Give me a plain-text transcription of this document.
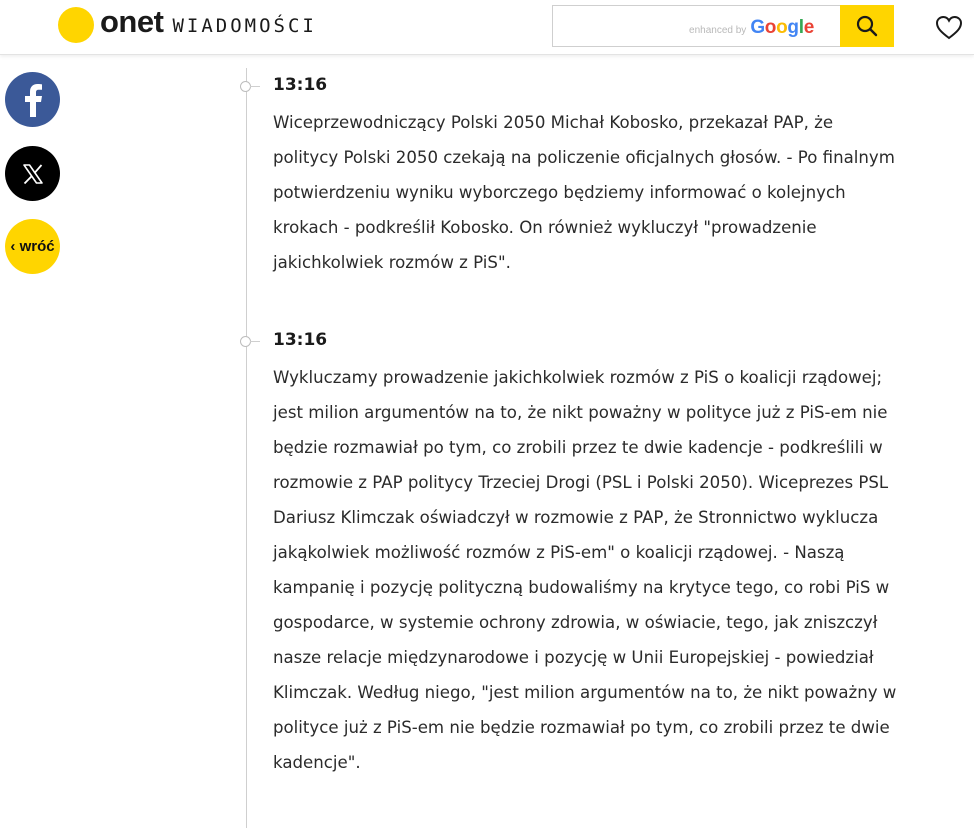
onet WIADOMOŚCI	enhanced by Google
‹ wróć
13:16

Wiceprzewodniczący Polski 2050 Michał Kobosko, przekazał PAP, że politycy Polski 2050 czekają na policzenie oficjalnych głosów. - Po finalnym potwierdzeniu wyniku wyborczego będziemy informować o kolejnych krokach - podkreślił Kobosko. On również wykluczył "prowadzenie jakichkolwiek rozmów z PiS".

13:16

Wykluczamy prowadzenie jakichkolwiek rozmów z PiS o koalicji rządowej; jest milion argumentów na to, że nikt poważny w polityce już z PiS-em nie będzie rozmawiał po tym, co zrobili przez te dwie kadencje - podkreślili w rozmowie z PAP politycy Trzeciej Drogi (PSL i Polski 2050). Wiceprezes PSL Dariusz Klimczak oświadczył w rozmowie z PAP, że Stronnictwo wyklucza jakąkolwiek możliwość rozmów z PiS-em" o koalicji rządowej. - Naszą kampanię i pozycję polityczną budowaliśmy na krytyce tego, co robi PiS w gospodarce, w systemie ochrony zdrowia, w oświacie, tego, jak zniszczył nasze relacje międzynarodowe i pozycję w Unii Europejskiej - powiedział Klimczak. Według niego, "jest milion argumentów na to, że nikt poważny w polityce już z PiS-em nie będzie rozmawiał po tym, co zrobili przez te dwie kadencje".
